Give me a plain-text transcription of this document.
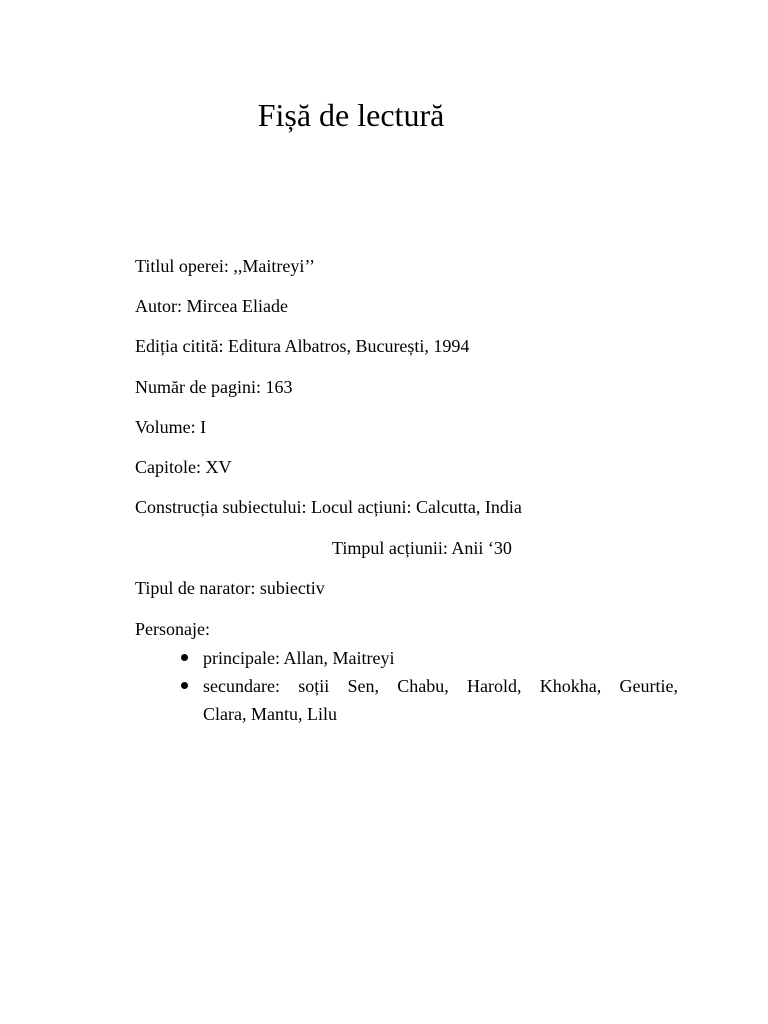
Fișă de lectură
Titlul operei: ,,Maitreyi’’
Autor: Mircea Eliade
Ediția citită: Editura Albatros, București, 1994
Număr de pagini: 163
Volume: I
Capitole: XV
Construcția subiectului: Locul acțiuni: Calcutta, India
Timpul acțiunii: Anii ‘30
Tipul de narator: subiectiv
Personaje:
principale: Allan, Maitreyi
secundare: soții Sen, Chabu, Harold, Khokha, Geurtie,
Clara, Mantu, Lilu
